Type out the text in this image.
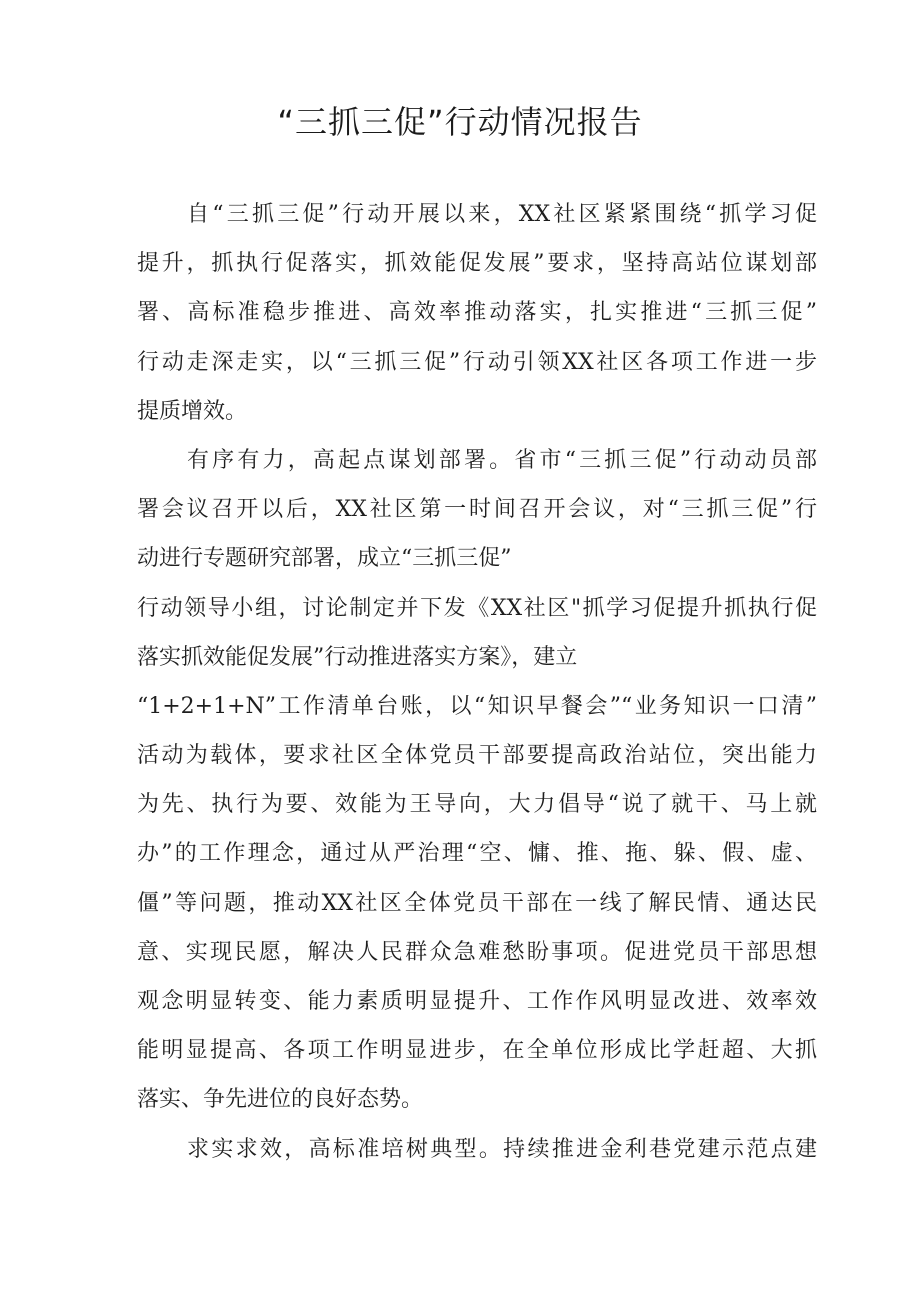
“三抓三促”行动情况报告
自“三抓三促”行动开展以来，XX社区紧紧围绕“抓学习促
提升，抓执行促落实，抓效能促发展”要求，坚持高站位谋划部
署、高标准稳步推进、高效率推动落实，扎实推进“三抓三促”
行动走深走实，以“三抓三促”行动引领XX社区各项工作进一步
提质增效。
有序有力，高起点谋划部署。省市“三抓三促”行动动员部
署会议召开以后，XX社区第一时间召开会议，对“三抓三促”行
动进行专题研究部署，成立“三抓三促”
行动领导小组，讨论制定并下发《XX社区"抓学习促提升抓执行促
落实抓效能促发展”行动推进落实方案》，建立
“1+2+1+N”工作清单台账，以“知识早餐会”“业务知识一口清”
活动为载体，要求社区全体党员干部要提高政治站位，突出能力
为先、执行为要、效能为王导向，大力倡导“说了就干、马上就
办”的工作理念，通过从严治理“空、慵、推、拖、躲、假、虚、
僵”等问题，推动XX社区全体党员干部在一线了解民情、通达民
意、实现民愿，解决人民群众急难愁盼事项。促进党员干部思想
观念明显转变、能力素质明显提升、工作作风明显改进、效率效
能明显提高、各项工作明显进步，在全单位形成比学赶超、大抓
落实、争先进位的良好态势。
求实求效，高标准培树典型。持续推进金利巷党建示范点建
